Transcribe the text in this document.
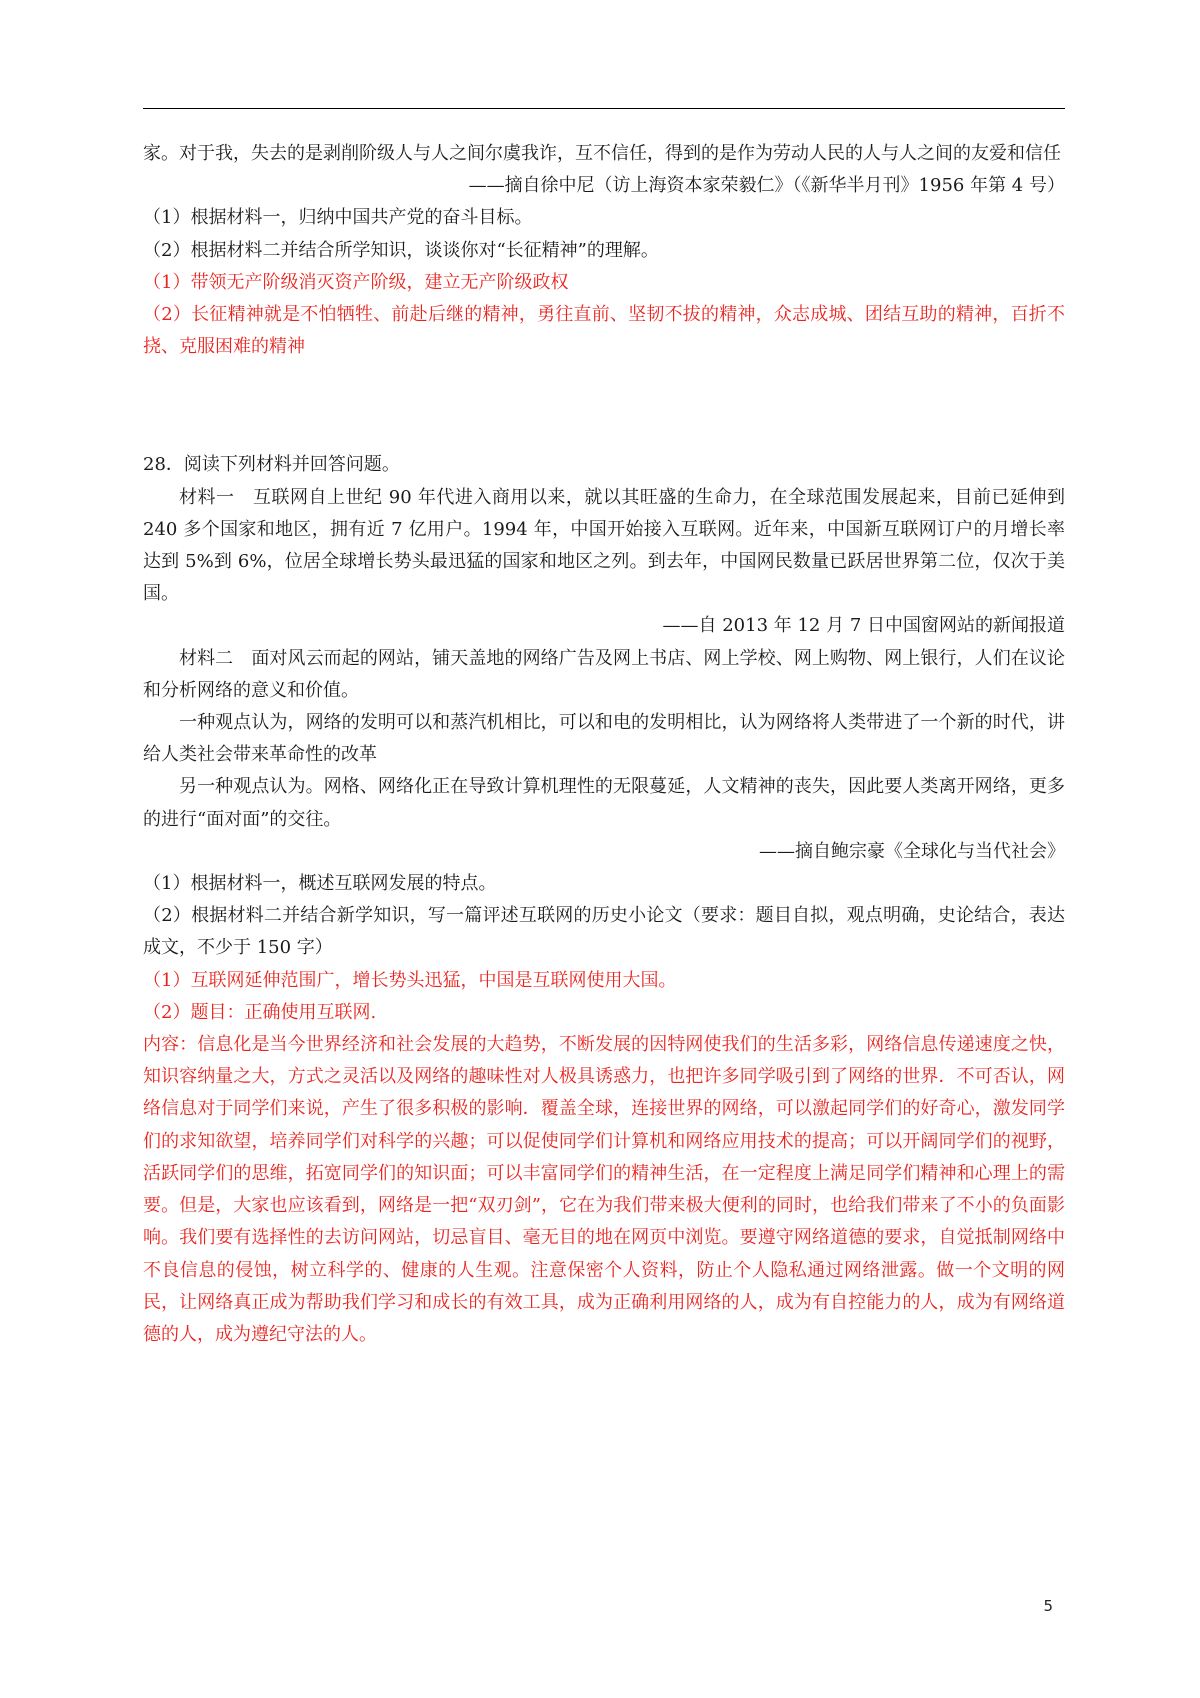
家。对于我，失去的是剥削阶级人与人之间尔虞我诈，互不信任，得到的是作为劳动人民的人与人之间的友爱和信任

——摘自徐中尼（访上海资本家荣毅仁》（《新华半月刊》1956 年第 4 号）

（1）根据材料一，归纳中国共产党的奋斗目标。

（2）根据材料二并结合所学知识，谈谈你对“长征精神”的理解。

（1）带领无产阶级消灭资产阶级，建立无产阶级政权

（2）长征精神就是不怕牺牲、前赴后继的精神，勇往直前、坚韧不拔的精神，众志成城、团结互助的精神，百折不挠、克服困难的精神

28．阅读下列材料并回答问题。

材料一　互联网自上世纪 90 年代进入商用以来，就以其旺盛的生命力，在全球范围发展起来，目前已延伸到 240 多个国家和地区，拥有近 7 亿用户。1994 年，中国开始接入互联网。近年来，中国新互联网订户的月增长率达到 5%到 6%，位居全球增长势头最迅猛的国家和地区之列。到去年，中国网民数量已跃居世界第二位，仅次于美国。

——自 2013 年 12 月 7 日中国窗网站的新闻报道

材料二　面对风云而起的网站，铺天盖地的网络广告及网上书店、网上学校、网上购物、网上银行，人们在议论和分析网络的意义和价值。

一种观点认为，网络的发明可以和蒸汽机相比，可以和电的发明相比，认为网络将人类带进了一个新的时代，讲给人类社会带来革命性的改革

另一种观点认为。网格、网络化正在导致计算机理性的无限蔓延，人文精神的丧失，因此要人类离开网络，更多的进行“面对面”的交往。

——摘自鲍宗豪《全球化与当代社会》

（1）根据材料一，概述互联网发展的特点。

（2）根据材料二并结合新学知识，写一篇评述互联网的历史小论文（要求：题目自拟，观点明确，史论结合，表达成文，不少于 150 字）

（1）互联网延伸范围广，增长势头迅猛，中国是互联网使用大国。

（2）题目：正确使用互联网.

内容：信息化是当今世界经济和社会发展的大趋势，不断发展的因特网使我们的生活多彩，网络信息传递速度之快，知识容纳量之大，方式之灵活以及网络的趣味性对人极具诱惑力，也把许多同学吸引到了网络的世界．不可否认，网络信息对于同学们来说，产生了很多积极的影响．覆盖全球，连接世界的网络，可以激起同学们的好奇心，激发同学们的求知欲望，培养同学们对科学的兴趣；可以促使同学们计算机和网络应用技术的提高；可以开阔同学们的视野，活跃同学们的思维，拓宽同学们的知识面；可以丰富同学们的精神生活，在一定程度上满足同学们精神和心理上的需要。但是，大家也应该看到，网络是一把“双刃剑”，它在为我们带来极大便利的同时，也给我们带来了不小的负面影响。我们要有选择性的去访问网站，切忌盲目、毫无目的地在网页中浏览。要遵守网络道德的要求，自觉抵制网络中不良信息的侵蚀，树立科学的、健康的人生观。注意保密个人资料，防止个人隐私通过网络泄露。做一个文明的网民，让网络真正成为帮助我们学习和成长的有效工具，成为正确利用网络的人，成为有自控能力的人，成为有网络道德的人，成为遵纪守法的人。

5
